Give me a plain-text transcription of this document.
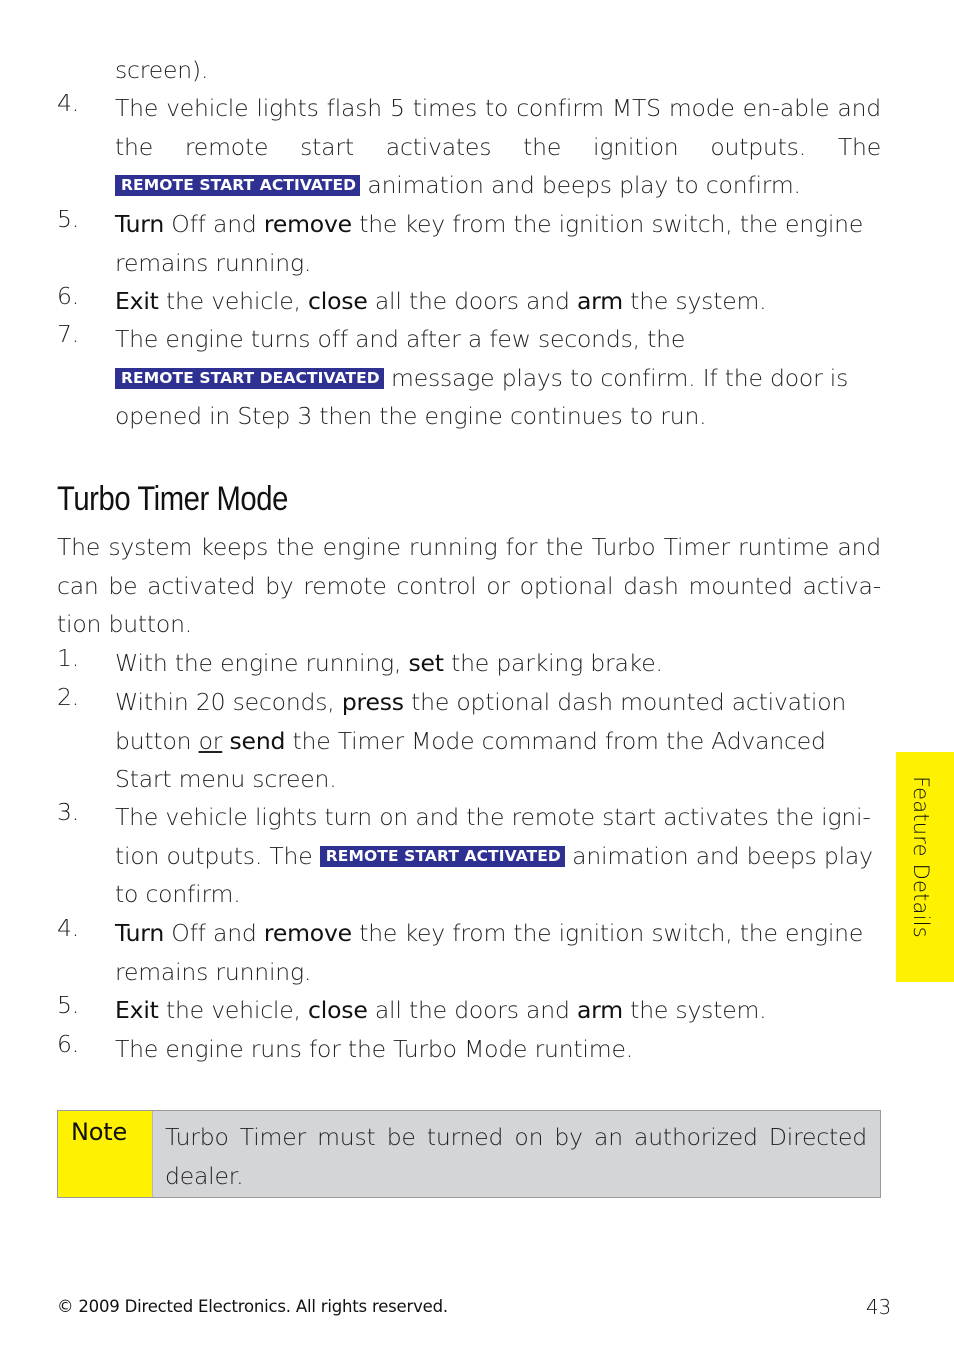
screen).
4.	The vehicle lights flash 5 times to confirm MTS mode en-able and the remote start activates the ignition outputs. The REMOTE START ACTIVATED animation and beeps play to confirm.
5.	Turn Off and remove the key from the ignition switch, the engine remains running.
6.	Exit the vehicle, close all the doors and arm the system.
7.	The engine turns off and after a few seconds, the REMOTE START DEACTIVATED message plays to confirm. If the door is opened in Step 3 then the engine continues to run.
Turbo Timer Mode
The system keeps the engine running for the Turbo Timer runtime and can be activated by remote control or optional dash mounted activa-tion button.
1.	With the engine running, set the parking brake.
2.	Within 20 seconds, press the optional dash mounted activation button or send the Timer Mode command from the Advanced Start menu screen.
3.	The vehicle lights turn on and the remote start activates the igni-tion outputs. The REMOTE START ACTIVATED animation and beeps play to confirm.
4.	Turn Off and remove the key from the ignition switch, the engine remains running.
5.	Exit the vehicle, close all the doors and arm the system.
6.	The engine runs for the Turbo Mode runtime.
Note Turbo Timer must be turned on by an authorized Directed dealer.
Feature Details
© 2009 Directed Electronics. All rights reserved.	43
